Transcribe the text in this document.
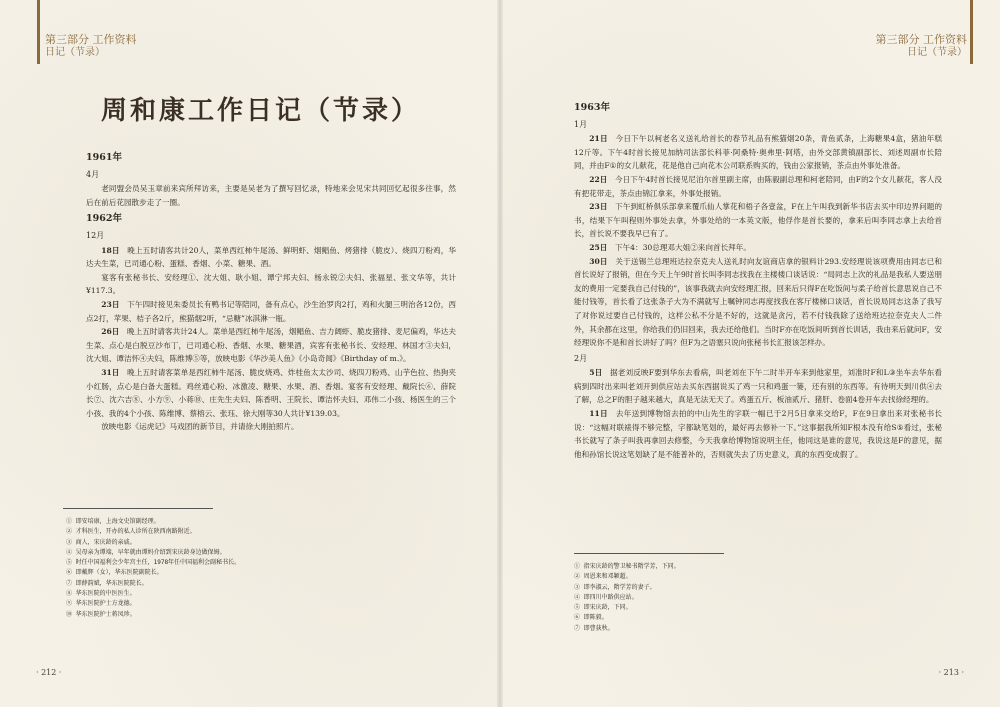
第三部分 工作资料
日记（节录）
周和康工作日记（节录）
1961年
4月

老同盟会员吴玉章前来宾所拜访来，主要是吴老为了撰写回忆录，特地来会见宋共同回忆起很多往事，然后在前后花园散步走了一圈。

1962年
12月

18日　 晚上五时请客共计20人，菜单西红柿牛尾汤、鲜明虾、烟鲳鱼、烤猪排（脆皮）、烧四刀粉鸡，华达夫生菜，已司通心粉、蛋糕、香烟、小菜、糖果、酒。

宴客有张秘书长、安经理①、沈大姐、耿小姐、谭宁邦夫妇、杨永锐②夫妇、张福星、张文华等，共计¥117.3。

23日　 下午四时接见朱委员长有鸭书记等陪同，备有点心，沙生治罗肉2打，鸡和火腿三明治各12份，西点2打，苹果、桔子各2斤，熊猫烟2听，“忌糖”冰淇淋一瓶。

26日　 晚上五时请客共计24人。菜单是西红柿牛尾汤，烟鲳鱼、吉力阔虾、脆皮猪排、麦尼偏鸡，华达夫生菜、点心是白脱豆沙布丁，已司通心粉、香烟、水果、糖果酒，宾客有张秘书长、安经理、林国才③夫妇，沈大姐、谭洁怀④夫妇，陈维博⑤等，放映电影《华沙美人鱼》《小岛奇闻》《Birthday of m.》。

31日　 晚上五时请客菜单是西红柿牛尾汤、脆皮烧鸡、炸桂鱼太太沙司、烧四刀粉鸡、山芋色拉、热狗夹小红肠，点心是白备大蛋糕。鸡丝通心粉、冰激凌、糖果、水果、酒、香烟。宴客有安经理、戴院长⑥、薛院长⑦、沈六吉⑧、小方⑨、小蒋⑩、庄先生夫妇、陈香明、王院长、谭洁怀夫妇、邓伟二小孩、杨医生的三个小孩、我的4个小孩、陈维博、蔡榕云、张珏、徐大刚等30人共计¥139.03。

放映电影《运虎记》马戏团的新节目，并请徐大刚拍照片。

① 即安培康，上海文史馆副经理。
② 才科医生，开办的私人诊所在陕西南路附近。
③ 商人，宋庆龄的亲戚。
④ 吴母亲为谭端，早年就由谭妈介绍到宋庆龄身边做保姆。
⑤ 时任中国福利会少年宫主任，1978年任中国福利会副秘书长。
⑥ 即戴辉（女），华东医院副院长。
⑦ 即薛韵斌，华东医院院长。
⑧ 华东医院的中医医生。
⑨ 华东医院护士方龙德。
⑩ 华东医院护士蒋凤珍。
· 212 ·
第三部分 工作资料
日记（节录）
1963年
1月

21日　 今日下午以柯老名义送礼给首长的春节礼品有熊猫烟20条，青鱼贰条，上海糖果4盒，猪油年糕12斤等。下午4时首长接见加纳司法部长科菲·阿桑特·奥弗里·阿塔，由外交部黄镇副部长、刘述周副市长陪同，并由F①的女儿献花，花是他自己向花木公司联系购买的，钱由公家报销，茶点由外事处准备。

22日　 今日下午4时首长接见尼泊尔首里副主席，由陈毅副总理和柯老陪同，由F的2个女儿献花，客人没有把花带走，茶点由锦江拿来，外事处报销。

23日　 下午到虹桥俱乐部拿来覆爪仙人掌花和梧子各壹盆，F在上午叫我到新华书店去买中印边界问题的书，结果下午叫程则外事处去拿，外事处给的一本英文版，他俘作是首长要的，拿来后叫李同志拿上去给首长，首长说不要我早已有了。

25日　 下午4：30总理邓大姐②来向首长拜年。

30日　 关于送锡兰总理班达拉奈克夫人送礼时向友谊商店拿的银料计293.安经理说该项费用由同志已和首长说好了报销，但在今天上午9时首长叫李同志找我在主楼楼口谈话说：“局同志上次的礼品是我私人要送朋友的费用一定要我自己付钱的”，该事我就去向安经理汇报，回来后只得F在吃饭间与柔子给首长意思说自己不能付钱等，首长看了这张条子大为不满就写上嘱钟同志再度找我在客厅楼梯口谈话，首长说局同志这条了我写了对你说过要自己付钱的，这样公私不分是不好的，这就是贪污，若不付钱我除了送给班达拉奈克夫人二件外，其余都在这里，你给我们仍旧回来，我去还给他们。当时F亦在吃饭间听到首长训话，我由来后就问F，安经理说你不是和首长讲好了吗？但F为之语塞只说向张秘书长汇报该怎样办。

2月

5日　 据老刘反映F要到华东去看病，叫老刘在下午二时半开车来到他家里，刘准时F和L③坐车去华东看病到四时出来叫老刘开到供应站去买东西据说买了鸡一只和鸡蛋一篓，还有别的东西等。有待明天到川供④去了解，总之F的胆子越来越大，真是无法无天了。鸡蛋五斤、板油贰斤、猪肝、卷面4卷开车去找徐经理的。

11日　 去年送到博物馆去拍的中山先生的字联一幅已于2月5日拿来交给F，F在9日拿出来对张秘书长说：“这幅对联裱得不够完整，字都缺笔划的，最好再去修补一下。”这事据我所知F根本没有给S⑤看过，张秘书长就写了条子叫我再拿回去修整，今天我拿给博物馆说明主任，他同这是谁的意见，我说这是F的意见，据他和孙馆长说这笔划缺了是不能普补的，否则就失去了历史意义，真的东西变成假了。

① 指宋庆龄的警卫秘书隋学芳，下同。
② 周恩来和邓颖超。
③ 即李淑云，隋学芳的妻子。
④ 即四川中路供应站。
⑤ 即宋庆龄，下同。
⑥ 即陈毅。
⑦ 即曹荻秋。
· 213 ·
